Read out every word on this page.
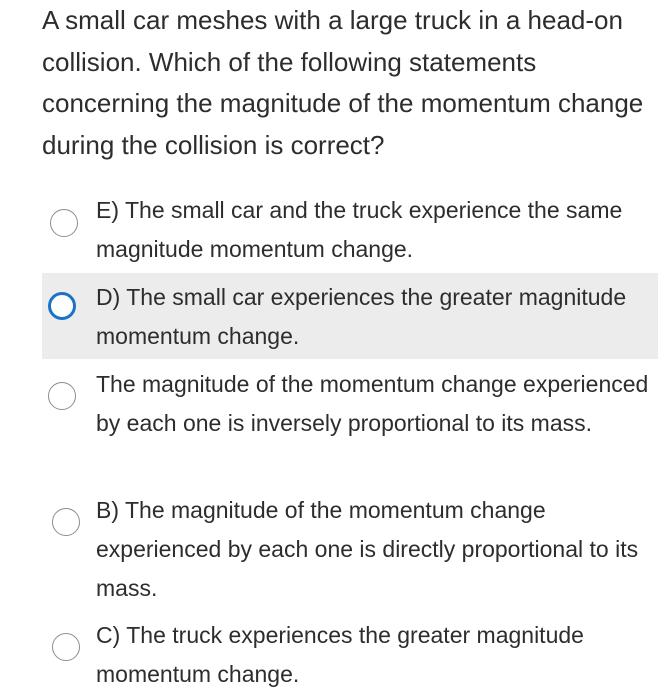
A small car meshes with a large truck in a head-on collision. Which of the following statements concerning the magnitude of the momentum change during the collision is correct?
E) The small car and the truck experience the same magnitude momentum change.
D) The small car experiences the greater magnitude momentum change.
The magnitude of the momentum change experienced by each one is inversely proportional to its mass.
B) The magnitude of the momentum change experienced by each one is directly proportional to its mass.
C) The truck experiences the greater magnitude momentum change.
